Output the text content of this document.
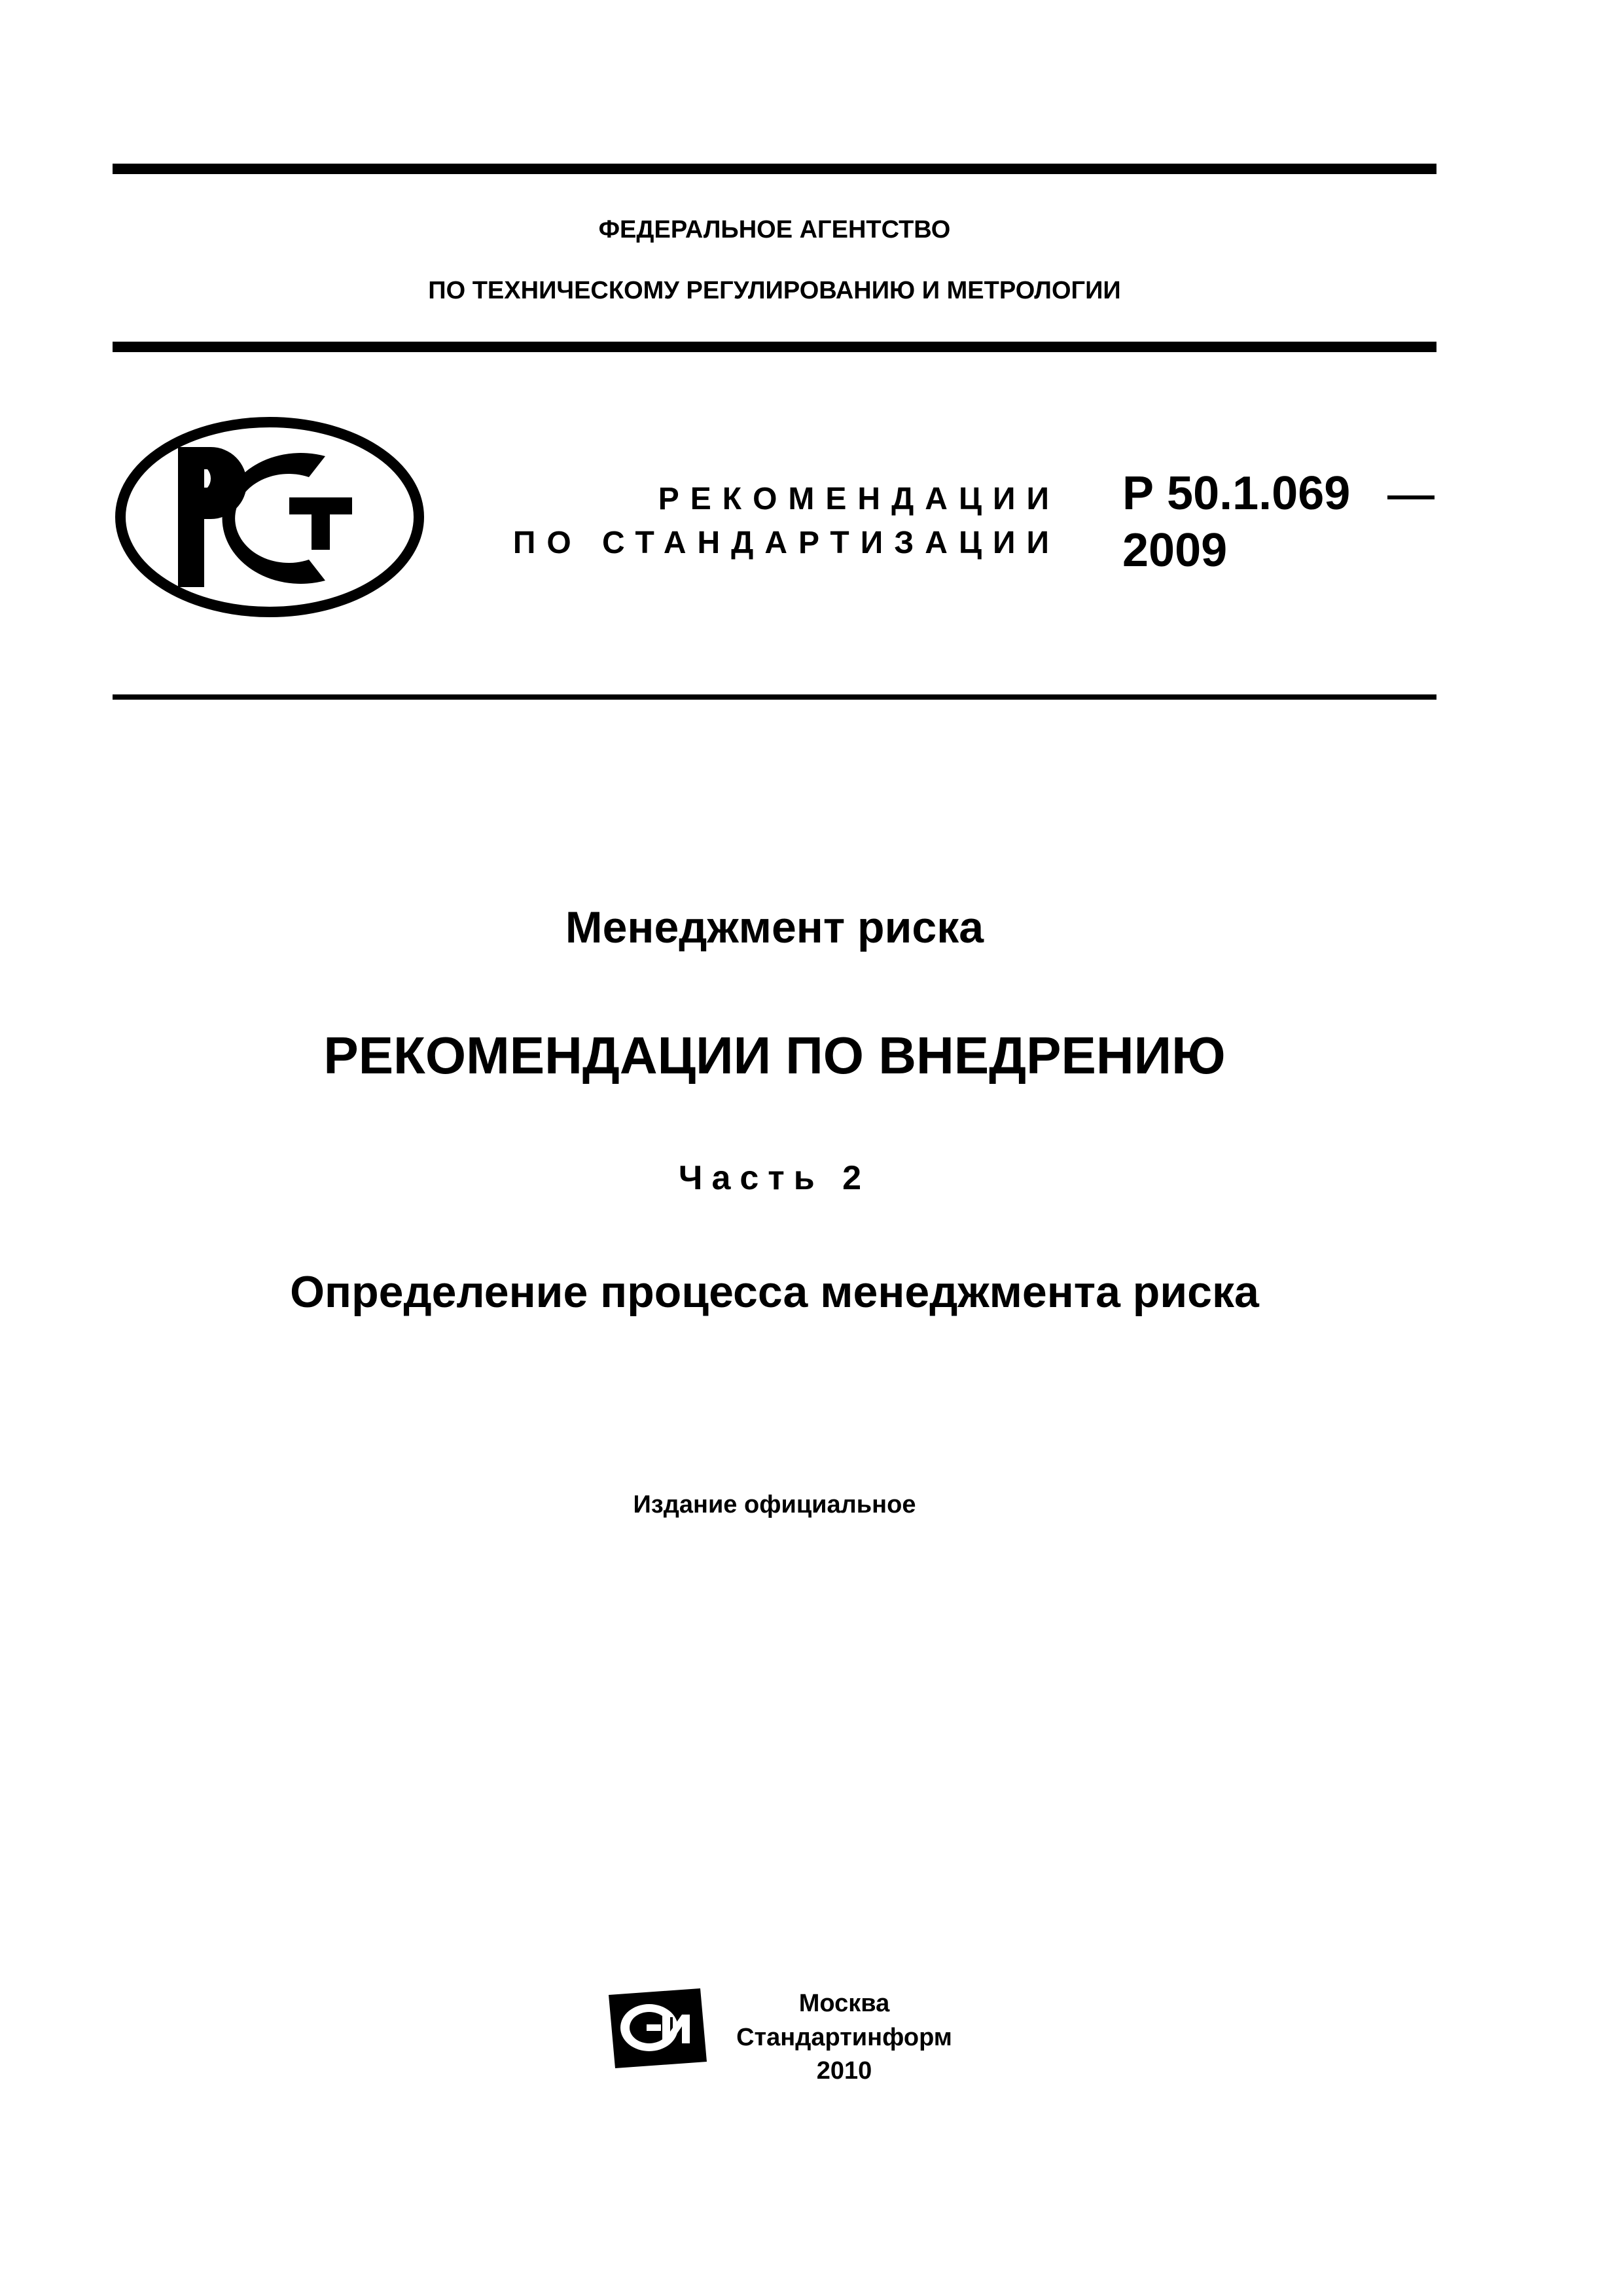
ФЕДЕРАЛЬНОЕ АГЕНТСТВО
ПО ТЕХНИЧЕСКОМУ РЕГУЛИРОВАНИЮ И МЕТРОЛОГИИ
РЕКОМЕНДАЦИИ
ПО СТАНДАРТИЗАЦИИ
Р 50.1.069
2009
Менеджмент риска
РЕКОМЕНДАЦИИ ПО ВНЕДРЕНИЮ
Часть 2
Определение процесса менеджмента риска
Издание официальное
Москва
Стандартинформ
2010
